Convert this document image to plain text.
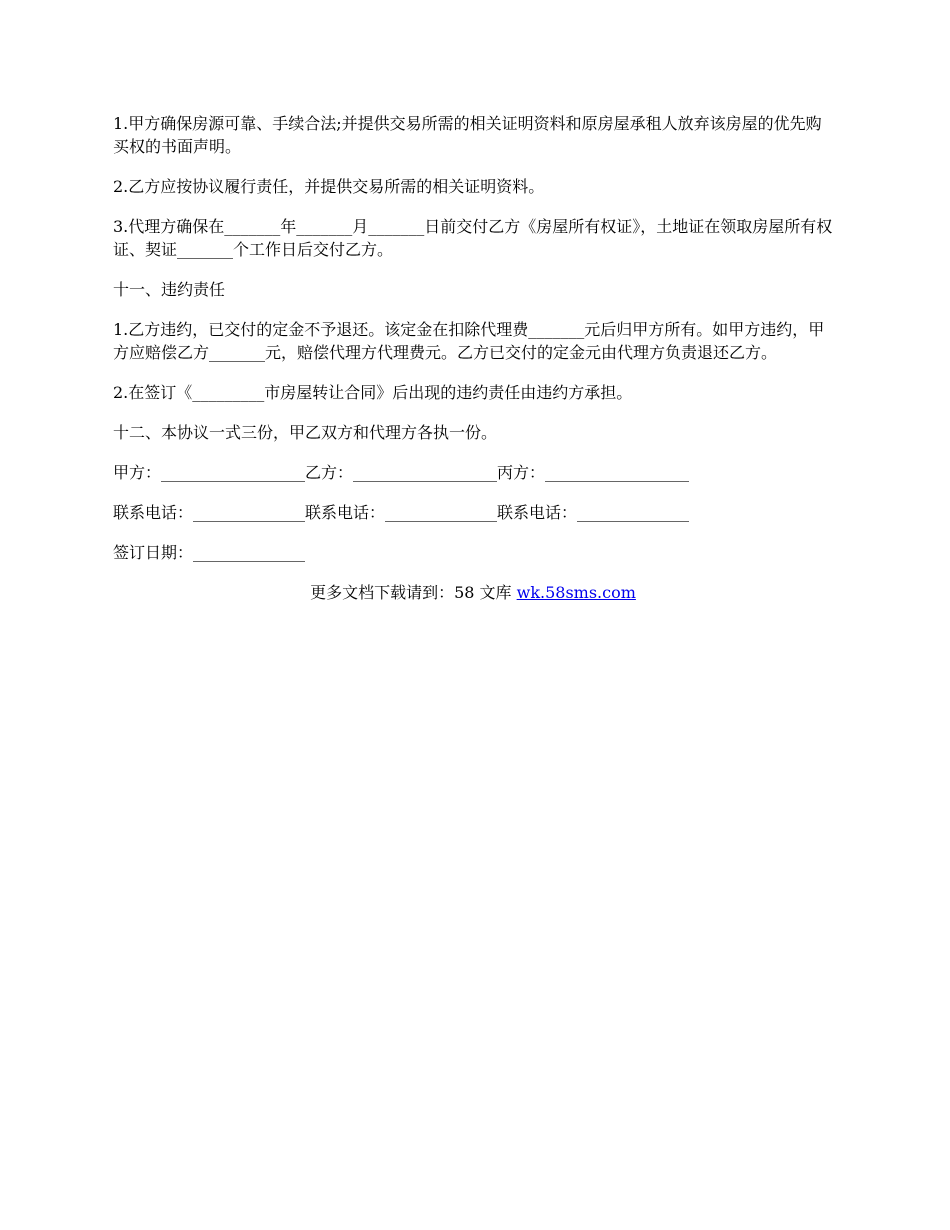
1.甲方确保房源可靠、手续合法;并提供交易所需的相关证明资料和原房屋承租人放弃该房屋的优先购买权的书面声明。

2.乙方应按协议履行责任，并提供交易所需的相关证明资料。

3.代理方确保在_______年_______月_______日前交付乙方《房屋所有权证》，土地证在领取房屋所有权证、契证_______个工作日后交付乙方。

十一、违约责任

1.乙方违约，已交付的定金不予退还。该定金在扣除代理费_______元后归甲方所有。如甲方违约，甲方应赔偿乙方_______元，赔偿代理方代理费元。乙方已交付的定金元由代理方负责退还乙方。

2.在签订《_________市房屋转让合同》后出现的违约责任由违约方承担。

十二、本协议一式三份，甲乙双方和代理方各执一份。

甲方：__________________ 乙方：__________________ 丙方：__________________
联系电话：______________ 联系电话：______________ 联系电话：______________
签订日期：______________
更多文档下载请到：58 文库 wk.58sms.com
